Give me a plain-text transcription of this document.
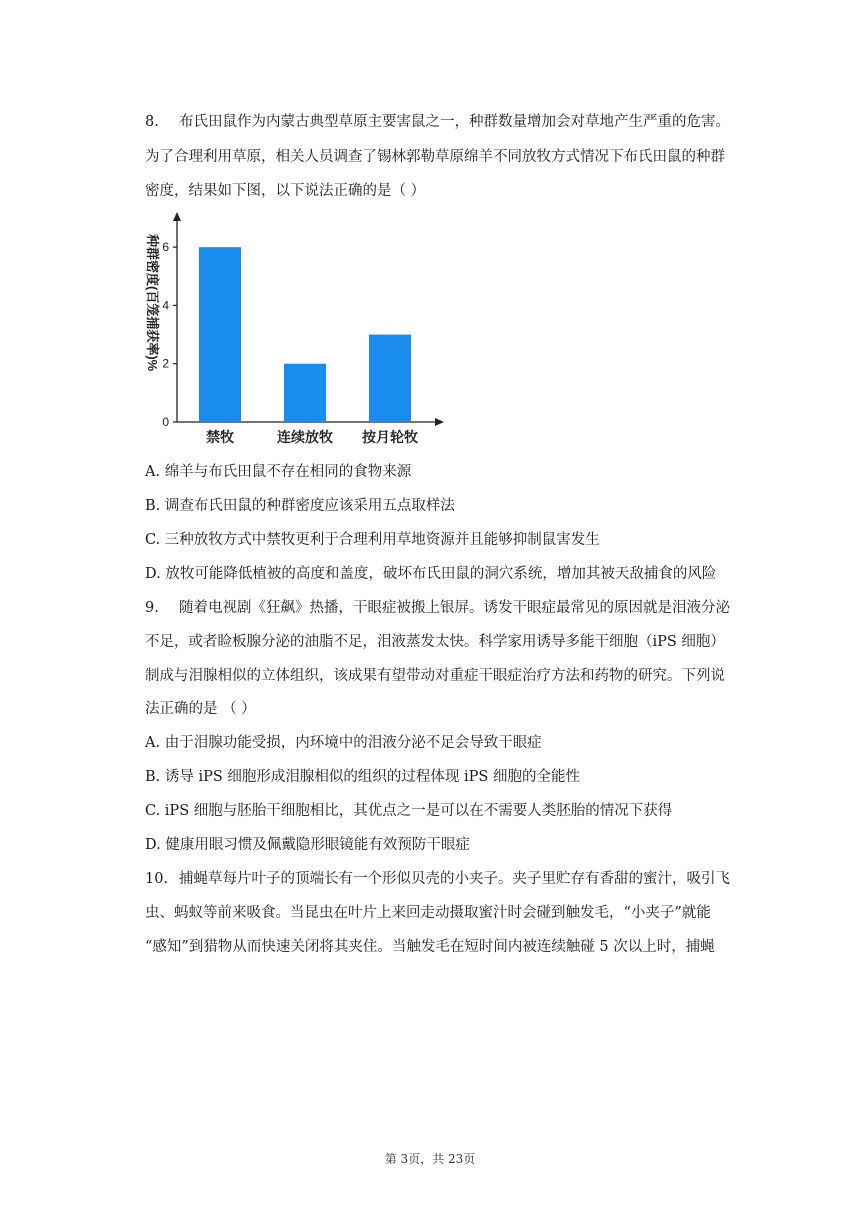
8. 布氏田鼠作为内蒙古典型草原主要害鼠之一，种群数量增加会对草地产生严重的危害。
为了合理利用草原，相关人员调查了锡林郭勒草原绵羊不同放牧方式情况下布氏田鼠的种群
密度，结果如下图，以下说法正确的是（ ）
0
2
4
6
禁牧	连续放牧 按月轮牧
种群密度(百笼捕获率)%
A. 绵羊与布氏田鼠不存在相同的食物来源
B. 调查布氏田鼠的种群密度应该采用五点取样法
C. 三种放牧方式中禁牧更利于合理利用草地资源并且能够抑制鼠害发生
D. 放牧可能降低植被的高度和盖度，破坏布氏田鼠的洞穴系统，增加其被天敌捕食的风险
9. 随着电视剧《狂飙》热播，干眼症被搬上银屏。诱发干眼症最常见的原因就是泪液分泌
不足，或者睑板腺分泌的油脂不足，泪液蒸发太快。科学家用诱导多能干细胞（iPS 细胞）
制成与泪腺相似的立体组织，该成果有望带动对重症干眼症治疗方法和药物的研究。下列说
法正确的是 （ ）
A. 由于泪腺功能受损，内环境中的泪液分泌不足会导致干眼症
B. 诱导 iPS 细胞形成泪腺相似的组织的过程体现 iPS 细胞的全能性
C. iPS 细胞与胚胎干细胞相比，其优点之一是可以在不需要人类胚胎的情况下获得
D. 健康用眼习惯及佩戴隐形眼镜能有效预防干眼症
10. 捕蝇草每片叶子的顶端长有一个形似贝壳的小夹子。夹子里贮存有香甜的蜜汁，吸引飞
虫、蚂蚁等前来吸食。当昆虫在叶片上来回走动摄取蜜汁时会碰到触发毛，“小夹子”就能
“感知”到猎物从而快速关闭将其夹住。当触发毛在短时间内被连续触碰 5 次以上时，捕蝇
第 3页，共 23页
